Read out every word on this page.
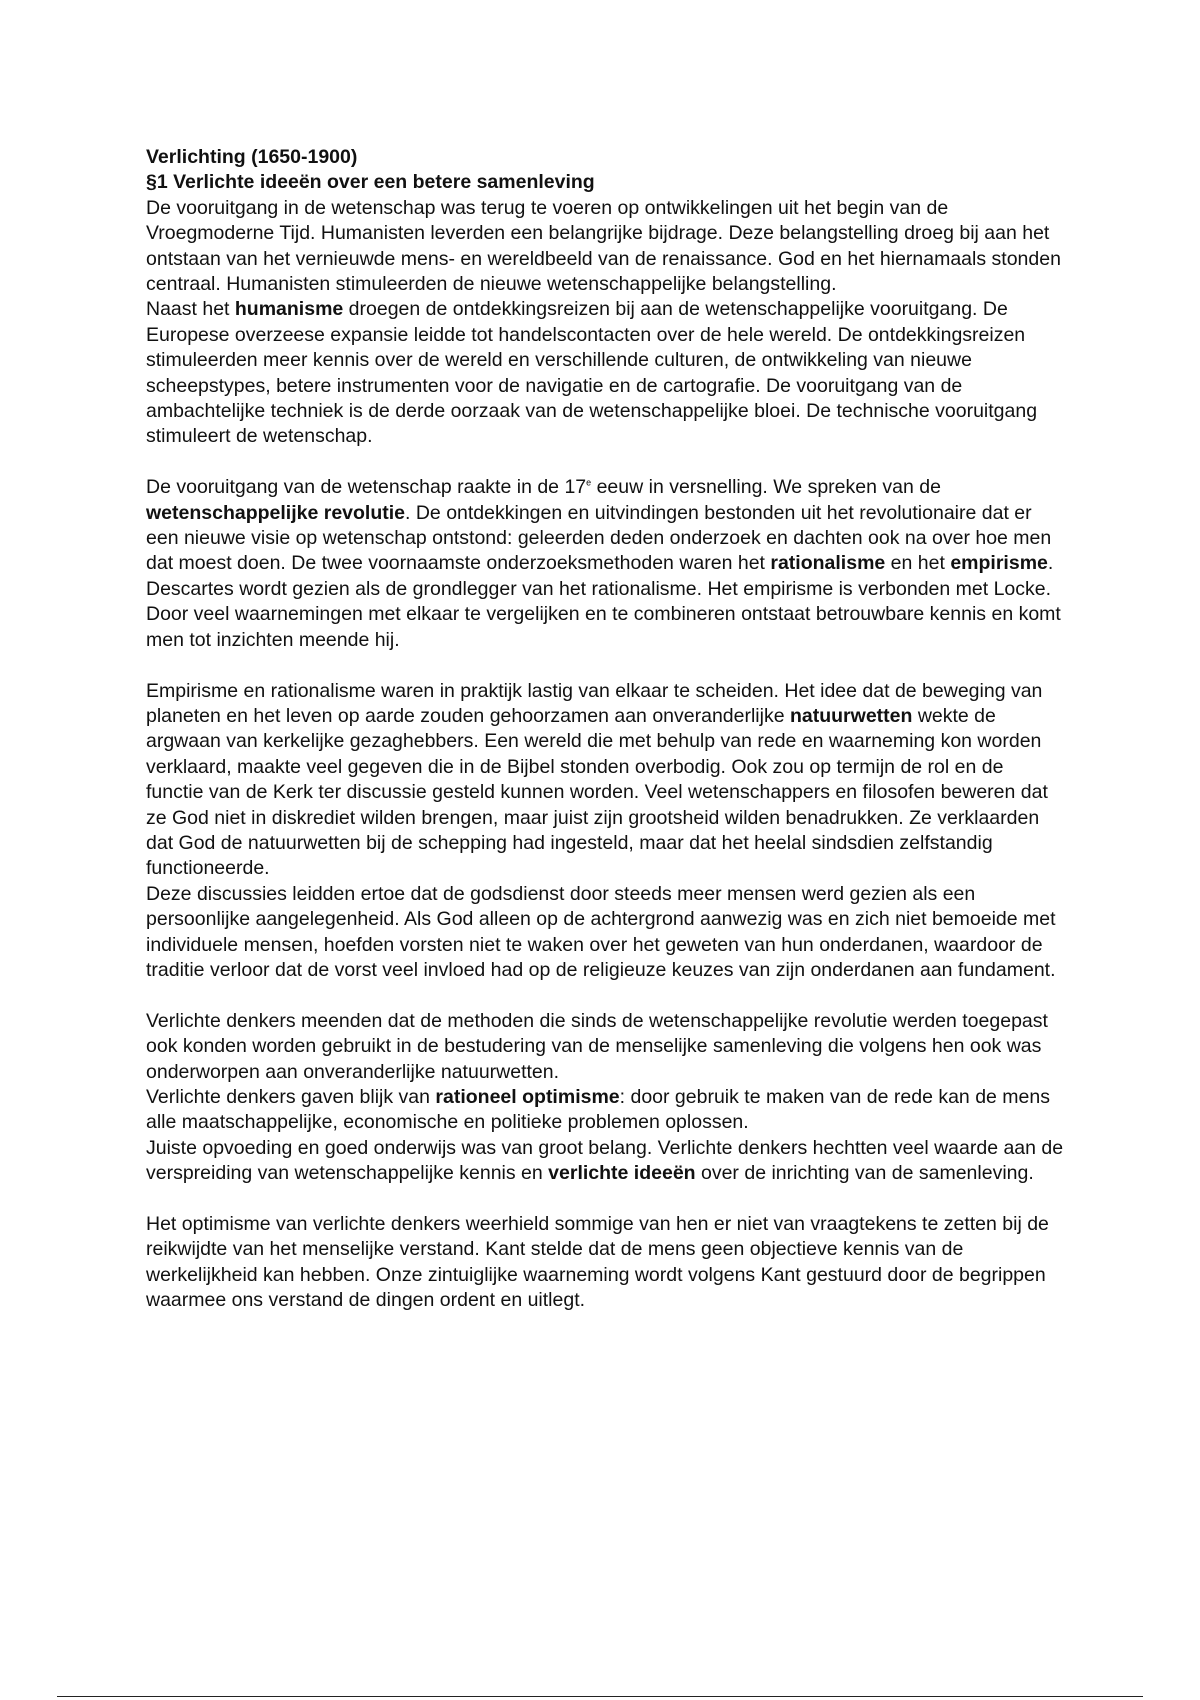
Verlichting (1650-1900)
§1 Verlichte ideeën over een betere samenleving

De vooruitgang in de wetenschap was terug te voeren op ontwikkelingen uit het begin van de Vroegmoderne Tijd. Humanisten leverden een belangrijke bijdrage. Deze belangstelling droeg bij aan het ontstaan van het vernieuwde mens- en wereldbeeld van de renaissance. God en het hiernamaals stonden centraal. Humanisten stimuleerden de nieuwe wetenschappelijke belangstelling.

Naast het humanisme droegen de ontdekkingsreizen bij aan de wetenschappelijke vooruitgang. De Europese overzeese expansie leidde tot handelscontacten over de hele wereld. De ontdekkingsreizen stimuleerden meer kennis over de wereld en verschillende culturen, de ontwikkeling van nieuwe scheepstypes, betere instrumenten voor de navigatie en de cartografie. De vooruitgang van de ambachtelijke techniek is de derde oorzaak van de wetenschappelijke bloei. De technische vooruitgang stimuleert de wetenschap.

De vooruitgang van de wetenschap raakte in de 17e eeuw in versnelling. We spreken van de wetenschappelijke revolutie. De ontdekkingen en uitvindingen bestonden uit het revolutionaire dat er een nieuwe visie op wetenschap ontstond: geleerden deden onderzoek en dachten ook na over hoe men dat moest doen. De twee voornaamste onderzoeksmethoden waren het rationalisme en het empirisme.

Descartes wordt gezien als de grondlegger van het rationalisme. Het empirisme is verbonden met Locke. Door veel waarnemingen met elkaar te vergelijken en te combineren ontstaat betrouwbare kennis en komt men tot inzichten meende hij.

Empirisme en rationalisme waren in praktijk lastig van elkaar te scheiden. Het idee dat de beweging van planeten en het leven op aarde zouden gehoorzamen aan onveranderlijke natuurwetten wekte de argwaan van kerkelijke gezaghebbers. Een wereld die met behulp van rede en waarneming kon worden verklaard, maakte veel gegeven die in de Bijbel stonden overbodig. Ook zou op termijn de rol en de functie van de Kerk ter discussie gesteld kunnen worden. Veel wetenschappers en filosofen beweren dat ze God niet in diskrediet wilden brengen, maar juist zijn grootsheid wilden benadrukken. Ze verklaarden dat God de natuurwetten bij de schepping had ingesteld, maar dat het heelal sindsdien zelfstandig functioneerde.

Deze discussies leidden ertoe dat de godsdienst door steeds meer mensen werd gezien als een persoonlijke aangelegenheid. Als God alleen op de achtergrond aanwezig was en zich niet bemoeide met individuele mensen, hoefden vorsten niet te waken over het geweten van hun onderdanen, waardoor de traditie verloor dat de vorst veel invloed had op de religieuze keuzes van zijn onderdanen aan fundament.

Verlichte denkers meenden dat de methoden die sinds de wetenschappelijke revolutie werden toegepast ook konden worden gebruikt in de bestudering van de menselijke samenleving die volgens hen ook was onderworpen aan onveranderlijke natuurwetten.

Verlichte denkers gaven blijk van rationeel optimisme: door gebruik te maken van de rede kan de mens alle maatschappelijke, economische en politieke problemen oplossen.

Juiste opvoeding en goed onderwijs was van groot belang. Verlichte denkers hechtten veel waarde aan de verspreiding van wetenschappelijke kennis en verlichte ideeën over de inrichting van de samenleving.

Het optimisme van verlichte denkers weerhield sommige van hen er niet van vraagtekens te zetten bij de reikwijdte van het menselijke verstand. Kant stelde dat de mens geen objectieve kennis van de werkelijkheid kan hebben. Onze zintuiglijke waarneming wordt volgens Kant gestuurd door de begrippen waarmee ons verstand de dingen ordent en uitlegt.
